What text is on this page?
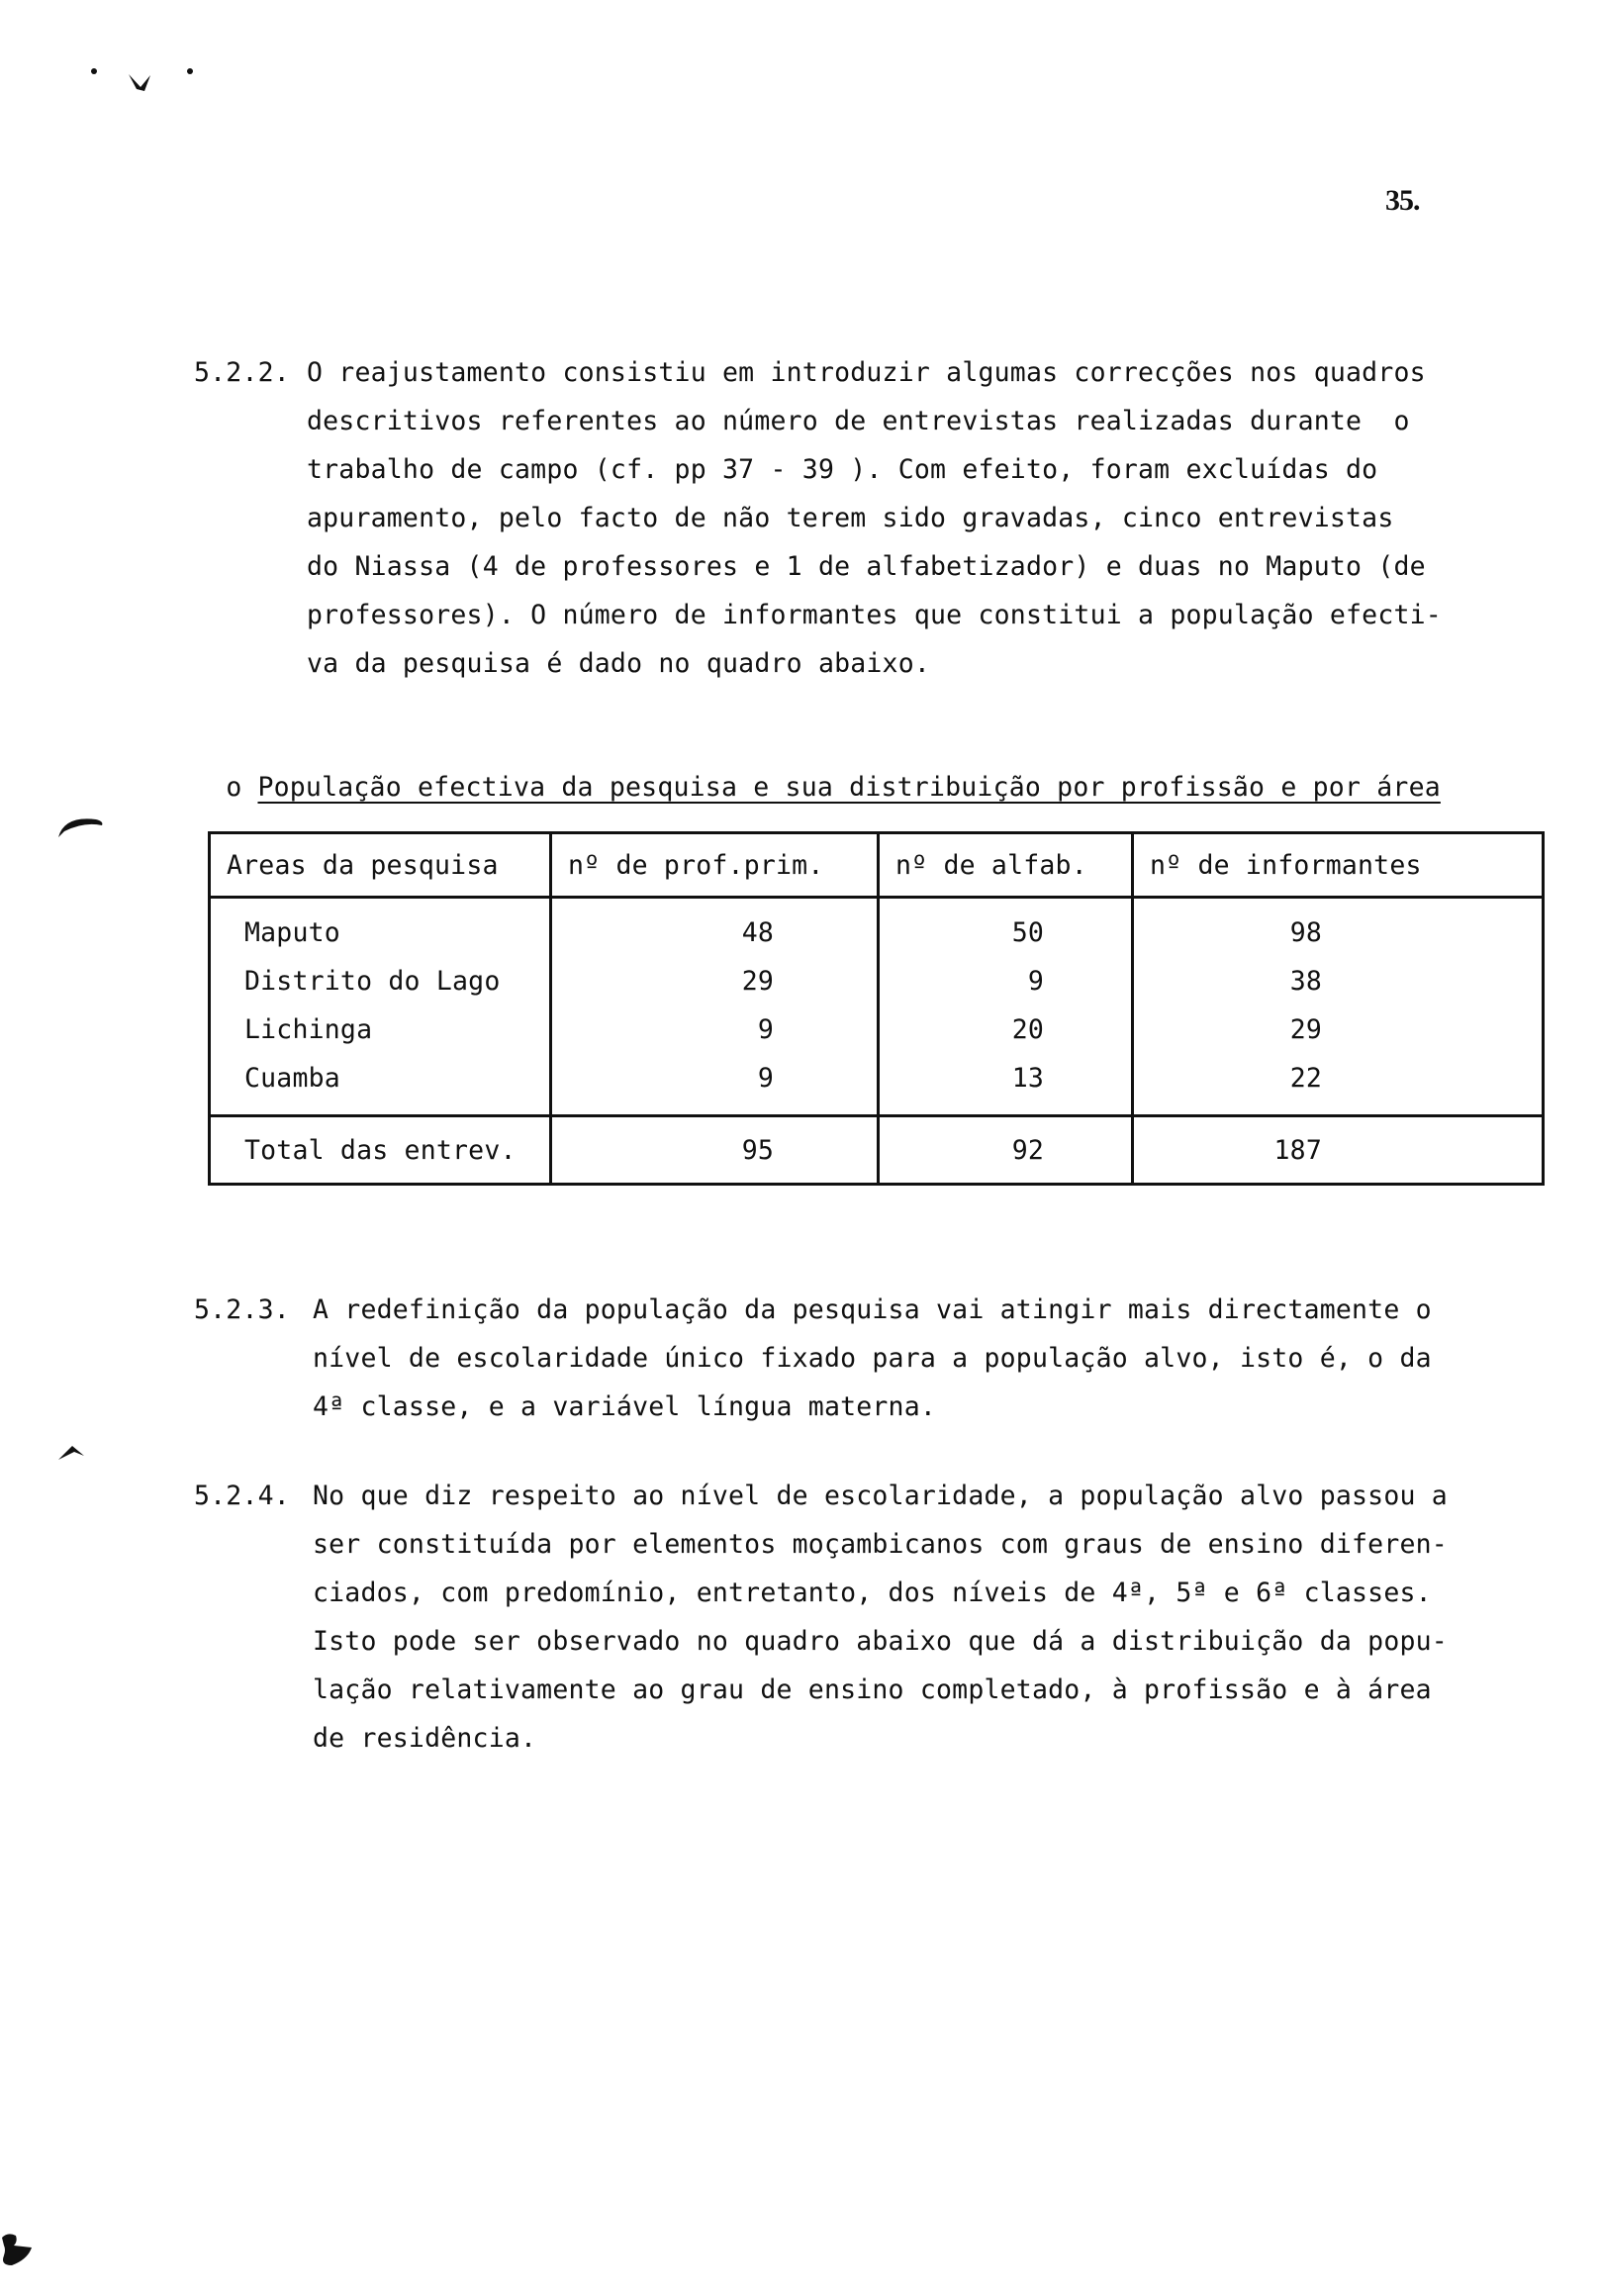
35.
5.2.2. O reajustamento consistiu em introduzir algumas correcções nos quadros
descritivos referentes ao número de entrevistas realizadas durante  o
trabalho de campo (cf. pp 37 - 39 ). Com efeito, foram excluídas do
apuramento, pelo facto de não terem sido gravadas, cinco entrevistas
do Niassa (4 de professores e 1 de alfabetizador) e duas no Maputo (de
professores). O número de informantes que constitui a população efecti-
va da pesquisa é dado no quadro abaixo.

o População efectiva da pesquisa e sua distribuição por profissão e por área

Areas da pesquisa	nº de prof.prim.	nº de alfab.	nº de informantes
Maputo	48	50	98
Distrito do Lago	29	9	38
Lichinga	9	20	29
Cuamba	9	13	22
Total das entrev.	95	92	187
5.2.3. A redefinição da população da pesquisa vai atingir mais directamente o
nível de escolaridade único fixado para a população alvo, isto é, o da
4ª classe, e a variável língua materna.
5.2.4. No que diz respeito ao nível de escolaridade, a população alvo passou a
ser constituída por elementos moçambicanos com graus de ensino diferen-
ciados, com predomínio, entretanto, dos níveis de 4ª, 5ª e 6ª classes.
Isto pode ser observado no quadro abaixo que dá a distribuição da popu-
lação relativamente ao grau de ensino completado, à profissão e à área
de residência.
